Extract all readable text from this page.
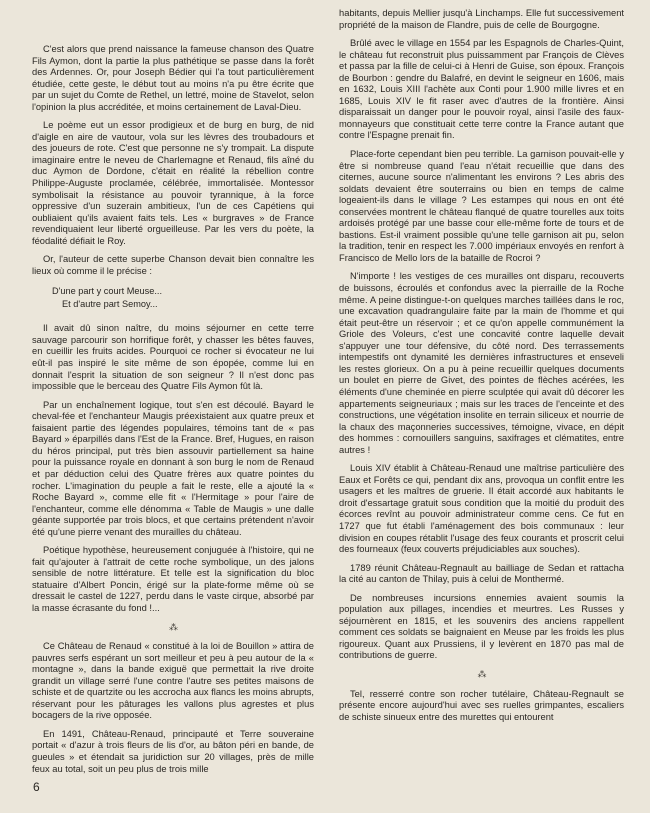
C'est alors que prend naissance la fameuse chanson des Quatre Fils Aymon, dont la partie la plus pathétique se passe dans la forêt des Ardennes. Or, pour Joseph Bédier qui l'a tout particulièrement étudiée, cette geste, le début tout au moins n'a pu être écrite que par un sujet du Comte de Rethel, un lettré, moine de Stavelot, selon l'opinion la plus accréditée, et moins certainement de Laval-Dieu.

Le poème eut un essor prodigieux et de burg en burg, de nid d'aigle en aire de vautour, vola sur les lèvres des troubadours et des joueurs de rote. C'est que personne ne s'y trompait. La dispute imaginaire entre le neveu de Charlemagne et Renaud, fils aîné du duc Aymon de Dordone, c'était en réalité la rébellion contre Philippe-Auguste proclamée, célébrée, immortalisée. Montessor symbolisait la résistance au pouvoir tyrannique, à la force oppressive d'un suzerain ambitieux, l'un de ces Capétiens qui oubliaient qu'ils avaient faits tels. Les « burgraves » de France revendiquaient leur liberté orgueilleuse. Par les vers du poète, la féodalité défiait le Roy.

Or, l'auteur de cette superbe Chanson devait bien connaître les lieux où comme il le précise :

D'une part y court Meuse...
Et d'autre part Semoy...

Il avait dû sinon naître, du moins séjourner en cette terre sauvage parcourir son horrifique forêt, y chasser les bêtes fauves, en cueillir les fruits acides. Pourquoi ce rocher si évocateur ne lui eût-il pas inspiré le site même de son épopée, comme lui en donnait l'esprit la situation de son seigneur ? Il n'est donc pas impossible que le berceau des Quatre Fils Aymon fût là.

Par un enchaînement logique, tout s'en est découlé. Bayard le cheval-fée et l'enchanteur Maugis préexistaient aux quatre preux et faisaient partie des légendes populaires, témoins tant de « pas Bayard » éparpillés dans l'Est de la France. Bref, Hugues, en raison du héros principal, put très bien assouvir partiellement sa haine pour la puissance royale en donnant à son burg le nom de Renaud et par déduction celui des Quatre frères aux quatre pointes du rocher. L'imagination du peuple a fait le reste, elle a ajouté la « Roche Bayard », comme elle fit « l'Hermitage » pour l'aire de l'enchanteur, comme elle dénomma « Table de Maugis » une dalle géante supportée par trois blocs, et que certains prétendent n'avoir été qu'une pierre venant des murailles du château.

Poétique hypothèse, heureusement conjuguée à l'histoire, qui ne fait qu'ajouter à l'attrait de cette roche symbolique, un des jalons sensible de notre littérature. Et telle est la signification du bloc statuaire d'Albert Poncin, érigé sur la plate-forme même où se dressait le castel de 1227, perdu dans le vaste cirque, absorbé par la masse écrasante du fond !...

⁂

Ce Château de Renaud « constitué à la loi de Bouillon » attira de pauvres serfs espérant un sort meilleur et peu à peu autour de la « montagne », dans la bande exiguë que permettait la rive droite grandit un village serré l'une contre l'autre ses petites maisons de schiste et de quartzite ou les accrocha aux flancs les moins abrupts, réservant pour les pâturages les vallons plus agrestes et plus bocagers de la rive opposée.

En 1491, Château-Renaud, principauté et Terre souveraine portait « d'azur à trois fleurs de lis d'or, au bâton péri en bande, de gueules » et étendait sa juridiction sur 20 villages, près de mille feux au total, soit un peu plus de trois mille

habitants, depuis Mellier jusqu'à Linchamps. Elle fut successivement propriété de la maison de Flandre, puis de celle de Bourgogne.

Brûlé avec le village en 1554 par les Espagnols de Charles-Quint, le château fut reconstruit plus puissamment par François de Clèves et passa par la fille de celui-ci à Henri de Guise, son époux. François de Bourbon : gendre du Balafré, en devint le seigneur en 1606, mais en 1632, Louis XIII l'achète aux Conti pour 1.900 mille livres et en 1685, Louis XIV le fit raser avec d'autres de la frontière. Ainsi disparaissait un danger pour le pouvoir royal, ainsi l'asile des faux-monnayeurs que constituait cette terre contre la France autant que contre l'Espagne prenait fin.

Place-forte cependant bien peu terrible. La garnison pouvait-elle y être si nombreuse quand l'eau n'était recueillie que dans des citernes, aucune source n'alimentant les environs ? Les abris des soldats devaient être souterrains ou bien en temps de calme logeaient-ils dans le village ? Les estampes qui nous en ont été conservées montrent le château flanqué de quatre tourelles aux toits ardoisés protégé par une basse cour elle-même forte de tours et de bastions. Est-il vraiment possible qu'une telle garnison ait pu, selon la tradition, tenir en respect les 7.000 impériaux envoyés en renfort à Francisco de Mello lors de la bataille de Rocroi ?

N'importe ! les vestiges de ces murailles ont disparu, recouverts de buissons, écroulés et confondus avec la pierraille de la Roche même. A peine distingue-t-on quelques marches taillées dans le roc, une excavation quadrangulaire faite par la main de l'homme et qui était peut-être un réservoir ; et ce qu'on appelle communément la Griole des Voleurs, c'est une concavité contre laquelle devait s'appuyer une tour défensive, du côté nord. Des terrassements intempestifs ont dynamité les dernières infrastructures et enseveli les restes glorieux. On a pu à peine recueillir quelques documents un boulet en pierre de Givet, des pointes de flèches acérées, les éléments d'une cheminée en pierre sculptée qui avait dû décorer les appartements seigneuriaux ; mais sur les traces de l'enceinte et des constructions, une végétation insolite en terrain siliceux et nourrie de la chaux des maçonneries successives, témoigne, vivace, en dépit des hommes : cornouillers sanguins, saxifrages et clématites, entre autres !

Louis XIV établit à Château-Renaud une maîtrise particulière des Eaux et Forêts ce qui, pendant dix ans, provoqua un conflit entre les usagers et les maîtres de gruerie. Il était accordé aux habitants le droit d'essartage gratuit sous condition que la moitié du produit des écorces revînt au pouvoir administrateur comme cens. Ce fut en 1727 que fut établi l'aménagement des bois communaux : leur division en coupes rétablit l'usage des feux courants et proscrit celui des fourneaux (feux couverts préjudiciables aux souches).

1789 réunit Château-Regnault au bailliage de Sedan et rattacha la cité au canton de Thilay, puis à celui de Monthermé.

De nombreuses incursions ennemies avaient soumis la population aux pillages, incendies et meurtres. Les Russes y séjournèrent en 1815, et les souvenirs des anciens rappellent comment ces soldats se baignaient en Meuse par les froids les plus rigoureux. Quant aux Prussiens, il y levèrent en 1870 pas mal de contributions de guerre.

⁂

Tel, resserré contre son rocher tutélaire, Château-Regnault se présente encore aujourd'hui avec ses ruelles grimpantes, escaliers de schiste sinueux entre des murettes qui entourent

6
